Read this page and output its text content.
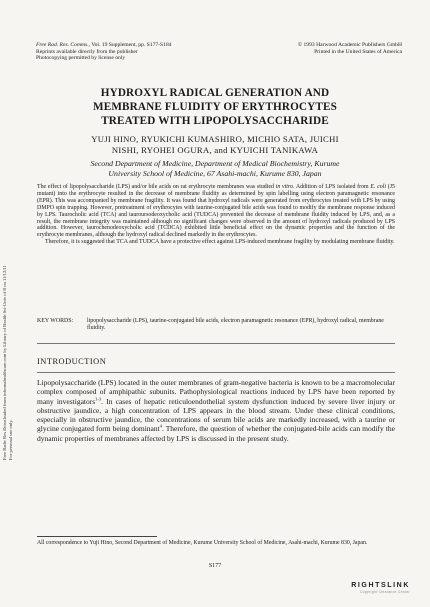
Free Radic Res Downloaded from informahealthcare.com by Library of Health Sci-Univ of Il on 11/12/11 For personal use only.
Free Rad. Res. Comms., Vol. 19 Supplement, pp. S177-S184
Reprints available directly from the publisher
Photocopying permitted by license only
© 1993 Harwood Academic Publishers GmbH
Printed in the United States of America
HYDROXYL RADICAL GENERATION AND
MEMBRANE FLUIDITY OF ERYTHROCYTES
TREATED WITH LIPOPOLYSACCHARIDE
YUJI HINO, RYUKICHI KUMASHIRO, MICHIO SATA, JUICHI
NISHI, RYOHEI OGURA, and KYUICHI TANIKAWA
Second Department of Medicine, Department of Medical Biochemistry, Kurume
University School of Medicine, 67 Asahi-machi, Kurume 830, Japan

The effect of lipopolysaccharide (LPS) and/or bile acids on rat erythrocyte membranes was studied in vitro. Addition of LPS isolated from E. coli (J5 mutant) into the erythrocyte resulted in the decrease of membrane fluidity as determined by spin labelling using electron paramagnetic resonance (EPR). This was accompanied by membrane fragility. It was found that hydroxyl radicals were generated from erythrocytes treated with LPS by using DMPO spin trapping. However, pretreatment of erythrocytes with taurine-conjugated bile acids was found to modify the membrane response induced by LPS. Taurocholic acid (TCA) and tauroursodeoxycholic acid (TUDCA) prevented the decrease of membrane fluidity induced by LPS, and, as a result, the membrane integrity was maintained although no significant changes were observed in the amount of hydroxyl radicals produced by LPS addition. However, taurochenodeoxycholic acid (TCDCA) exhibited little beneficial effect on the dynamic properties and the function of the erythrocyte membranes, although the hydroxyl radical declined markedly in the erythrocytes.

Therefore, it is suggested that TCA and TUDCA have a protective effect against LPS-induced membrane fragility by modulating membrane fluidity.

KEY WORDS:	lipopolysaccharide (LPS), taurine-conjugated bile acids, electron paramagnetic resonance (EPR), hydroxyl radical, membrane fluidity.
INTRODUCTION
Lipopolysaccharide (LPS) located in the outer membranes of gram-negative bacteria is known to be a macromolecular complex composed of amphipathic subunits. Pathophysiological reactions induced by LPS have been reported by many investigators$^{1-3}$. In cases of hepatic reticuloendothelial system dysfunction induced by severe liver injury or obstructive jaundice, a high concentration of LPS appears in the blood stream. Under these clinical conditions, especially in obstructive jaundice, the concentrations of serum bile acids are markedly increased, with a taurine or glycine conjugated form being dominant$^4$. Therefore, the question of whether the conjugated-bile acids can modify the dynamic properties of membranes affected by LPS is discussed in the present study.
All correspondence to Yuji Hino, Second Department of Medicine, Kurume University School of Medicine, Asahi-machi, Kurume 830, Japan.
S177
RIGHTSLINK
Copyright Clearance Center
